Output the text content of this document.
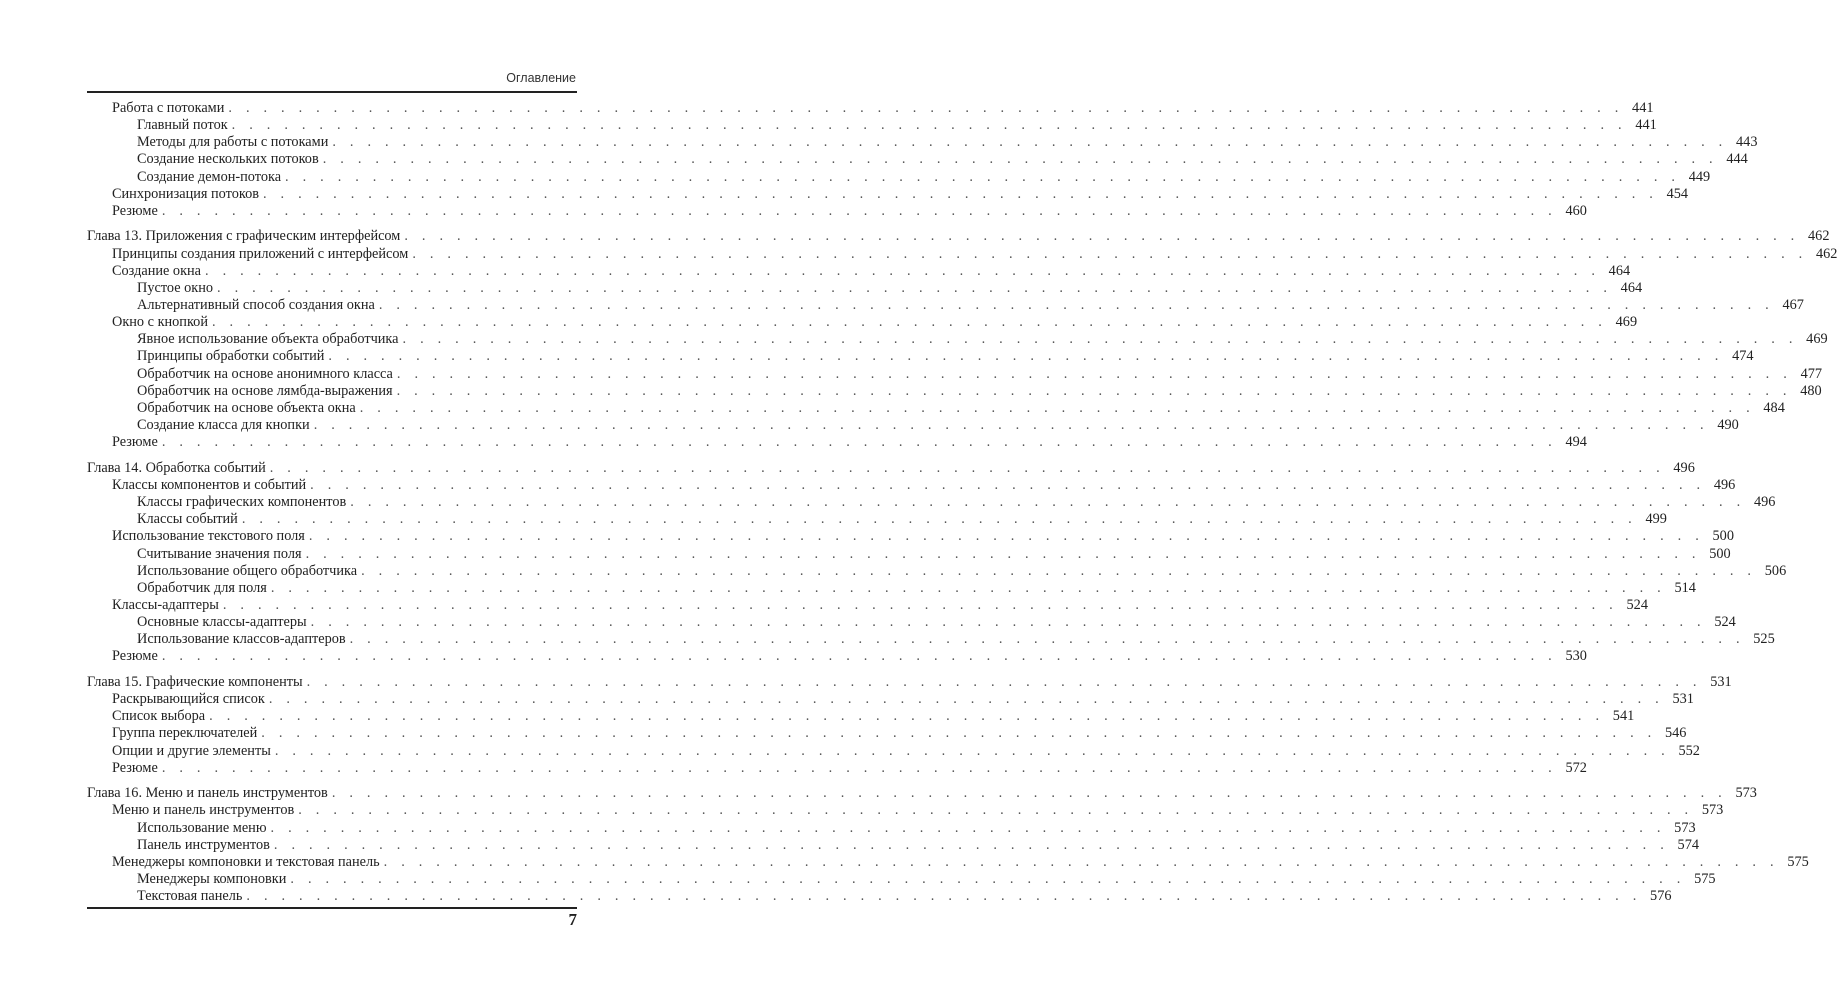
Оглавление
Работа с потоками . . . . . . . . . . . . . . . . . . . . . . . . . . . . . . . . . . . . . . . . . . . . . . . . . . . . . . . . . . . . . . . . . . . . . . . . . . . . . . . . 441
Главный поток . . . . . . . . . . . . . . . . . . . . . . . . . . . . . . . . . . . . . . . . . . . . . . . . . . . . . . . . . . . . . . . . . . . . . . . . . . . . . . . . 441
Методы для работы с потоками . . . . . . . . . . . . . . . . . . . . . . . . . . . . . . . . . . . . . . . . . . . . . . . . . . . . . . . . . . . . . . . . . . . . . . . . . . . . . . . . 443
Создание нескольких потоков . . . . . . . . . . . . . . . . . . . . . . . . . . . . . . . . . . . . . . . . . . . . . . . . . . . . . . . . . . . . . . . . . . . . . . . . . . . . . . . . 444
Создание демон-потока . . . . . . . . . . . . . . . . . . . . . . . . . . . . . . . . . . . . . . . . . . . . . . . . . . . . . . . . . . . . . . . . . . . . . . . . . . . . . . . . 449
Синхронизация потоков . . . . . . . . . . . . . . . . . . . . . . . . . . . . . . . . . . . . . . . . . . . . . . . . . . . . . . . . . . . . . . . . . . . . . . . . . . . . . . . . 454
Резюме . . . . . . . . . . . . . . . . . . . . . . . . . . . . . . . . . . . . . . . . . . . . . . . . . . . . . . . . . . . . . . . . . . . . . . . . . . . . . . . . 460
Глава 13. Приложения с графическим интерфейсом . . . . . . . . . . . . . . . . . . . . . . . . . . . . . . . . . . . . . . . . . . . . . . . . . . . . . . . . . . . . . . . . . . . . . . . . . . . . . . . . 462
Принципы создания приложений с интерфейсом . . . . . . . . . . . . . . . . . . . . . . . . . . . . . . . . . . . . . . . . . . . . . . . . . . . . . . . . . . . . . . . . . . . . . . . . . . . . . . . . 462
Создание окна . . . . . . . . . . . . . . . . . . . . . . . . . . . . . . . . . . . . . . . . . . . . . . . . . . . . . . . . . . . . . . . . . . . . . . . . . . . . . . . . 464
Пустое окно . . . . . . . . . . . . . . . . . . . . . . . . . . . . . . . . . . . . . . . . . . . . . . . . . . . . . . . . . . . . . . . . . . . . . . . . . . . . . . . . 464
Альтернативный способ создания окна . . . . . . . . . . . . . . . . . . . . . . . . . . . . . . . . . . . . . . . . . . . . . . . . . . . . . . . . . . . . . . . . . . . . . . . . . . . . . . . . 467
Окно с кнопкой . . . . . . . . . . . . . . . . . . . . . . . . . . . . . . . . . . . . . . . . . . . . . . . . . . . . . . . . . . . . . . . . . . . . . . . . . . . . . . . . 469
Явное использование объекта обработчика . . . . . . . . . . . . . . . . . . . . . . . . . . . . . . . . . . . . . . . . . . . . . . . . . . . . . . . . . . . . . . . . . . . . . . . . . . . . . . . . 469
Принципы обработки событий . . . . . . . . . . . . . . . . . . . . . . . . . . . . . . . . . . . . . . . . . . . . . . . . . . . . . . . . . . . . . . . . . . . . . . . . . . . . . . . . 474
Обработчик на основе анонимного класса . . . . . . . . . . . . . . . . . . . . . . . . . . . . . . . . . . . . . . . . . . . . . . . . . . . . . . . . . . . . . . . . . . . . . . . . . . . . . . . . 477
Обработчик на основе лямбда-выражения . . . . . . . . . . . . . . . . . . . . . . . . . . . . . . . . . . . . . . . . . . . . . . . . . . . . . . . . . . . . . . . . . . . . . . . . . . . . . . . . 480
Обработчик на основе объекта окна . . . . . . . . . . . . . . . . . . . . . . . . . . . . . . . . . . . . . . . . . . . . . . . . . . . . . . . . . . . . . . . . . . . . . . . . . . . . . . . . 484
Создание класса для кнопки . . . . . . . . . . . . . . . . . . . . . . . . . . . . . . . . . . . . . . . . . . . . . . . . . . . . . . . . . . . . . . . . . . . . . . . . . . . . . . . . 490
Резюме . . . . . . . . . . . . . . . . . . . . . . . . . . . . . . . . . . . . . . . . . . . . . . . . . . . . . . . . . . . . . . . . . . . . . . . . . . . . . . . . 494
Глава 14. Обработка событий . . . . . . . . . . . . . . . . . . . . . . . . . . . . . . . . . . . . . . . . . . . . . . . . . . . . . . . . . . . . . . . . . . . . . . . . . . . . . . . . 496
Классы компонентов и событий . . . . . . . . . . . . . . . . . . . . . . . . . . . . . . . . . . . . . . . . . . . . . . . . . . . . . . . . . . . . . . . . . . . . . . . . . . . . . . . . 496
Классы графических компонентов . . . . . . . . . . . . . . . . . . . . . . . . . . . . . . . . . . . . . . . . . . . . . . . . . . . . . . . . . . . . . . . . . . . . . . . . . . . . . . . . 496
Классы событий . . . . . . . . . . . . . . . . . . . . . . . . . . . . . . . . . . . . . . . . . . . . . . . . . . . . . . . . . . . . . . . . . . . . . . . . . . . . . . . . 499
Использование текстового поля . . . . . . . . . . . . . . . . . . . . . . . . . . . . . . . . . . . . . . . . . . . . . . . . . . . . . . . . . . . . . . . . . . . . . . . . . . . . . . . . 500
Считывание значения поля . . . . . . . . . . . . . . . . . . . . . . . . . . . . . . . . . . . . . . . . . . . . . . . . . . . . . . . . . . . . . . . . . . . . . . . . . . . . . . . . 500
Использование общего обработчика . . . . . . . . . . . . . . . . . . . . . . . . . . . . . . . . . . . . . . . . . . . . . . . . . . . . . . . . . . . . . . . . . . . . . . . . . . . . . . . . 506
Обработчик для поля . . . . . . . . . . . . . . . . . . . . . . . . . . . . . . . . . . . . . . . . . . . . . . . . . . . . . . . . . . . . . . . . . . . . . . . . . . . . . . . . 514
Классы-адаптеры . . . . . . . . . . . . . . . . . . . . . . . . . . . . . . . . . . . . . . . . . . . . . . . . . . . . . . . . . . . . . . . . . . . . . . . . . . . . . . . . 524
Основные классы-адаптеры . . . . . . . . . . . . . . . . . . . . . . . . . . . . . . . . . . . . . . . . . . . . . . . . . . . . . . . . . . . . . . . . . . . . . . . . . . . . . . . . 524
Использование классов-адаптеров . . . . . . . . . . . . . . . . . . . . . . . . . . . . . . . . . . . . . . . . . . . . . . . . . . . . . . . . . . . . . . . . . . . . . . . . . . . . . . . . 525
Резюме . . . . . . . . . . . . . . . . . . . . . . . . . . . . . . . . . . . . . . . . . . . . . . . . . . . . . . . . . . . . . . . . . . . . . . . . . . . . . . . . 530
Глава 15. Графические компоненты . . . . . . . . . . . . . . . . . . . . . . . . . . . . . . . . . . . . . . . . . . . . . . . . . . . . . . . . . . . . . . . . . . . . . . . . . . . . . . . . 531
Раскрывающийся список . . . . . . . . . . . . . . . . . . . . . . . . . . . . . . . . . . . . . . . . . . . . . . . . . . . . . . . . . . . . . . . . . . . . . . . . . . . . . . . . 531
Список выбора . . . . . . . . . . . . . . . . . . . . . . . . . . . . . . . . . . . . . . . . . . . . . . . . . . . . . . . . . . . . . . . . . . . . . . . . . . . . . . . . 541
Группа переключателей . . . . . . . . . . . . . . . . . . . . . . . . . . . . . . . . . . . . . . . . . . . . . . . . . . . . . . . . . . . . . . . . . . . . . . . . . . . . . . . . 546
Опции и другие элементы . . . . . . . . . . . . . . . . . . . . . . . . . . . . . . . . . . . . . . . . . . . . . . . . . . . . . . . . . . . . . . . . . . . . . . . . . . . . . . . . 552
Резюме . . . . . . . . . . . . . . . . . . . . . . . . . . . . . . . . . . . . . . . . . . . . . . . . . . . . . . . . . . . . . . . . . . . . . . . . . . . . . . . . 572
Глава 16. Меню и панель инструментов . . . . . . . . . . . . . . . . . . . . . . . . . . . . . . . . . . . . . . . . . . . . . . . . . . . . . . . . . . . . . . . . . . . . . . . . . . . . . . . . 573
Меню и панель инструментов . . . . . . . . . . . . . . . . . . . . . . . . . . . . . . . . . . . . . . . . . . . . . . . . . . . . . . . . . . . . . . . . . . . . . . . . . . . . . . . . 573
Использование меню . . . . . . . . . . . . . . . . . . . . . . . . . . . . . . . . . . . . . . . . . . . . . . . . . . . . . . . . . . . . . . . . . . . . . . . . . . . . . . . . 573
Панель инструментов . . . . . . . . . . . . . . . . . . . . . . . . . . . . . . . . . . . . . . . . . . . . . . . . . . . . . . . . . . . . . . . . . . . . . . . . . . . . . . . . 574
Менеджеры компоновки и текстовая панель . . . . . . . . . . . . . . . . . . . . . . . . . . . . . . . . . . . . . . . . . . . . . . . . . . . . . . . . . . . . . . . . . . . . . . . . . . . . . . . . 575
Менеджеры компоновки . . . . . . . . . . . . . . . . . . . . . . . . . . . . . . . . . . . . . . . . . . . . . . . . . . . . . . . . . . . . . . . . . . . . . . . . . . . . . . . . 575
Текстовая панель . . . . . . . . . . . . . . . . . . . . . . . . . . . . . . . . . . . . . . . . . . . . . . . . . . . . . . . . . . . . . . . . . . . . . . . . . . . . . . . . 576
7
